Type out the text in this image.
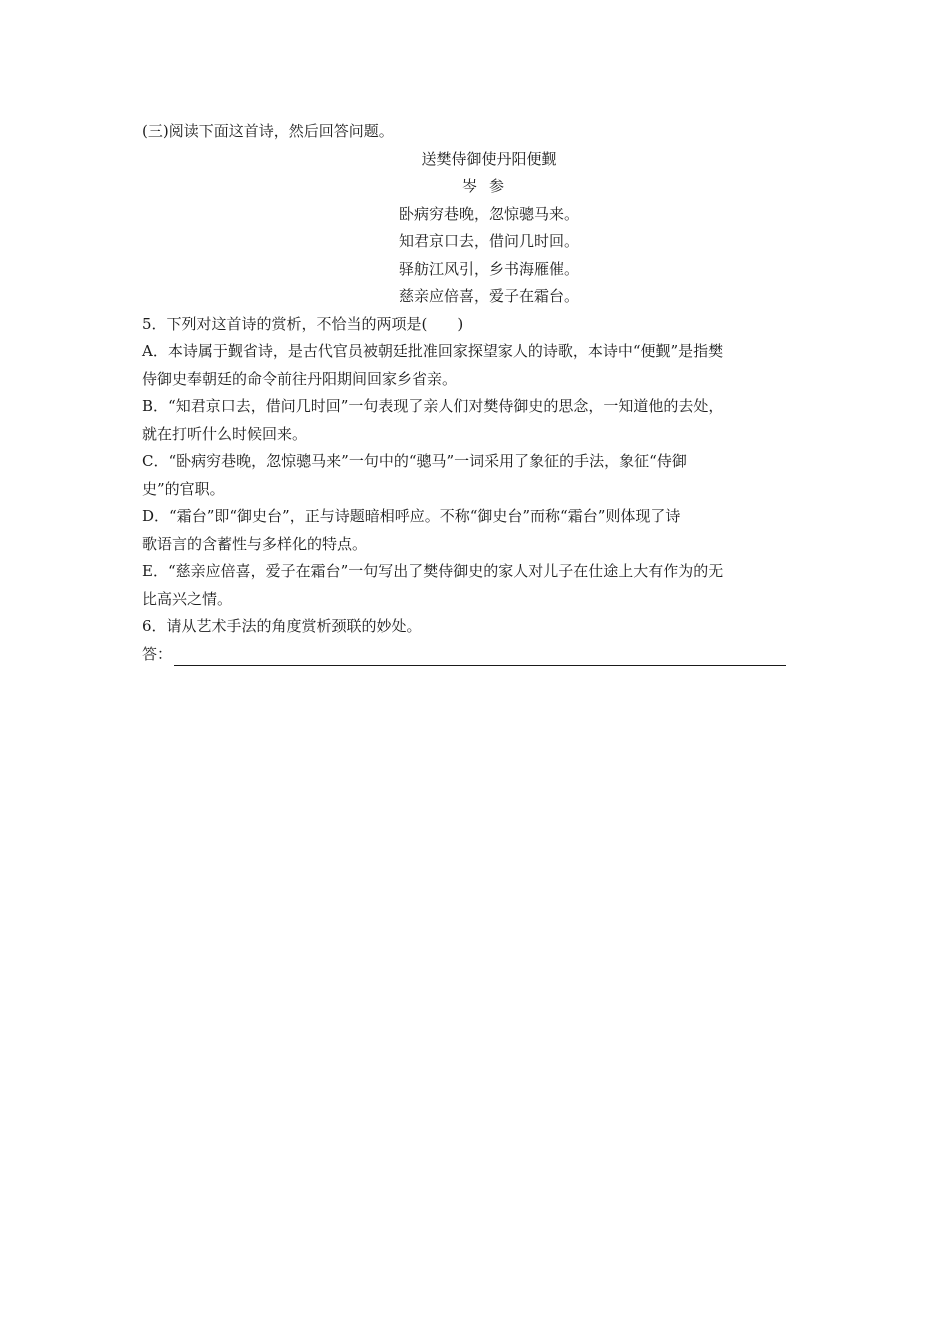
(三)阅读下面这首诗，然后回答问题。
送樊侍御使丹阳便觐
岑参
卧病穷巷晚，忽惊骢马来。
知君京口去，借问几时回。
驿舫江风引，乡书海雁催。
慈亲应倍喜，爱子在霜台。
5．下列对这首诗的赏析，不恰当的两项是(　　)
A．本诗属于觐省诗，是古代官员被朝廷批准回家探望家人的诗歌，本诗中“便觐”是指樊
侍御史奉朝廷的命令前往丹阳期间回家乡省亲。
B．“知君京口去，借问几时回”一句表现了亲人们对樊侍御史的思念，一知道他的去处，
就在打听什么时候回来。
C．“卧病穷巷晚，忽惊骢马来”一句中的“骢马”一词采用了象征的手法，象征“侍御
史”的官职。
D．“霜台”即“御史台”，正与诗题暗相呼应。不称“御史台”而称“霜台”则体现了诗
歌语言的含蓄性与多样化的特点。
E．“慈亲应倍喜，爱子在霜台”一句写出了樊侍御史的家人对儿子在仕途上大有作为的无
比高兴之情。
6．请从艺术手法的角度赏析颈联的妙处。
答：
